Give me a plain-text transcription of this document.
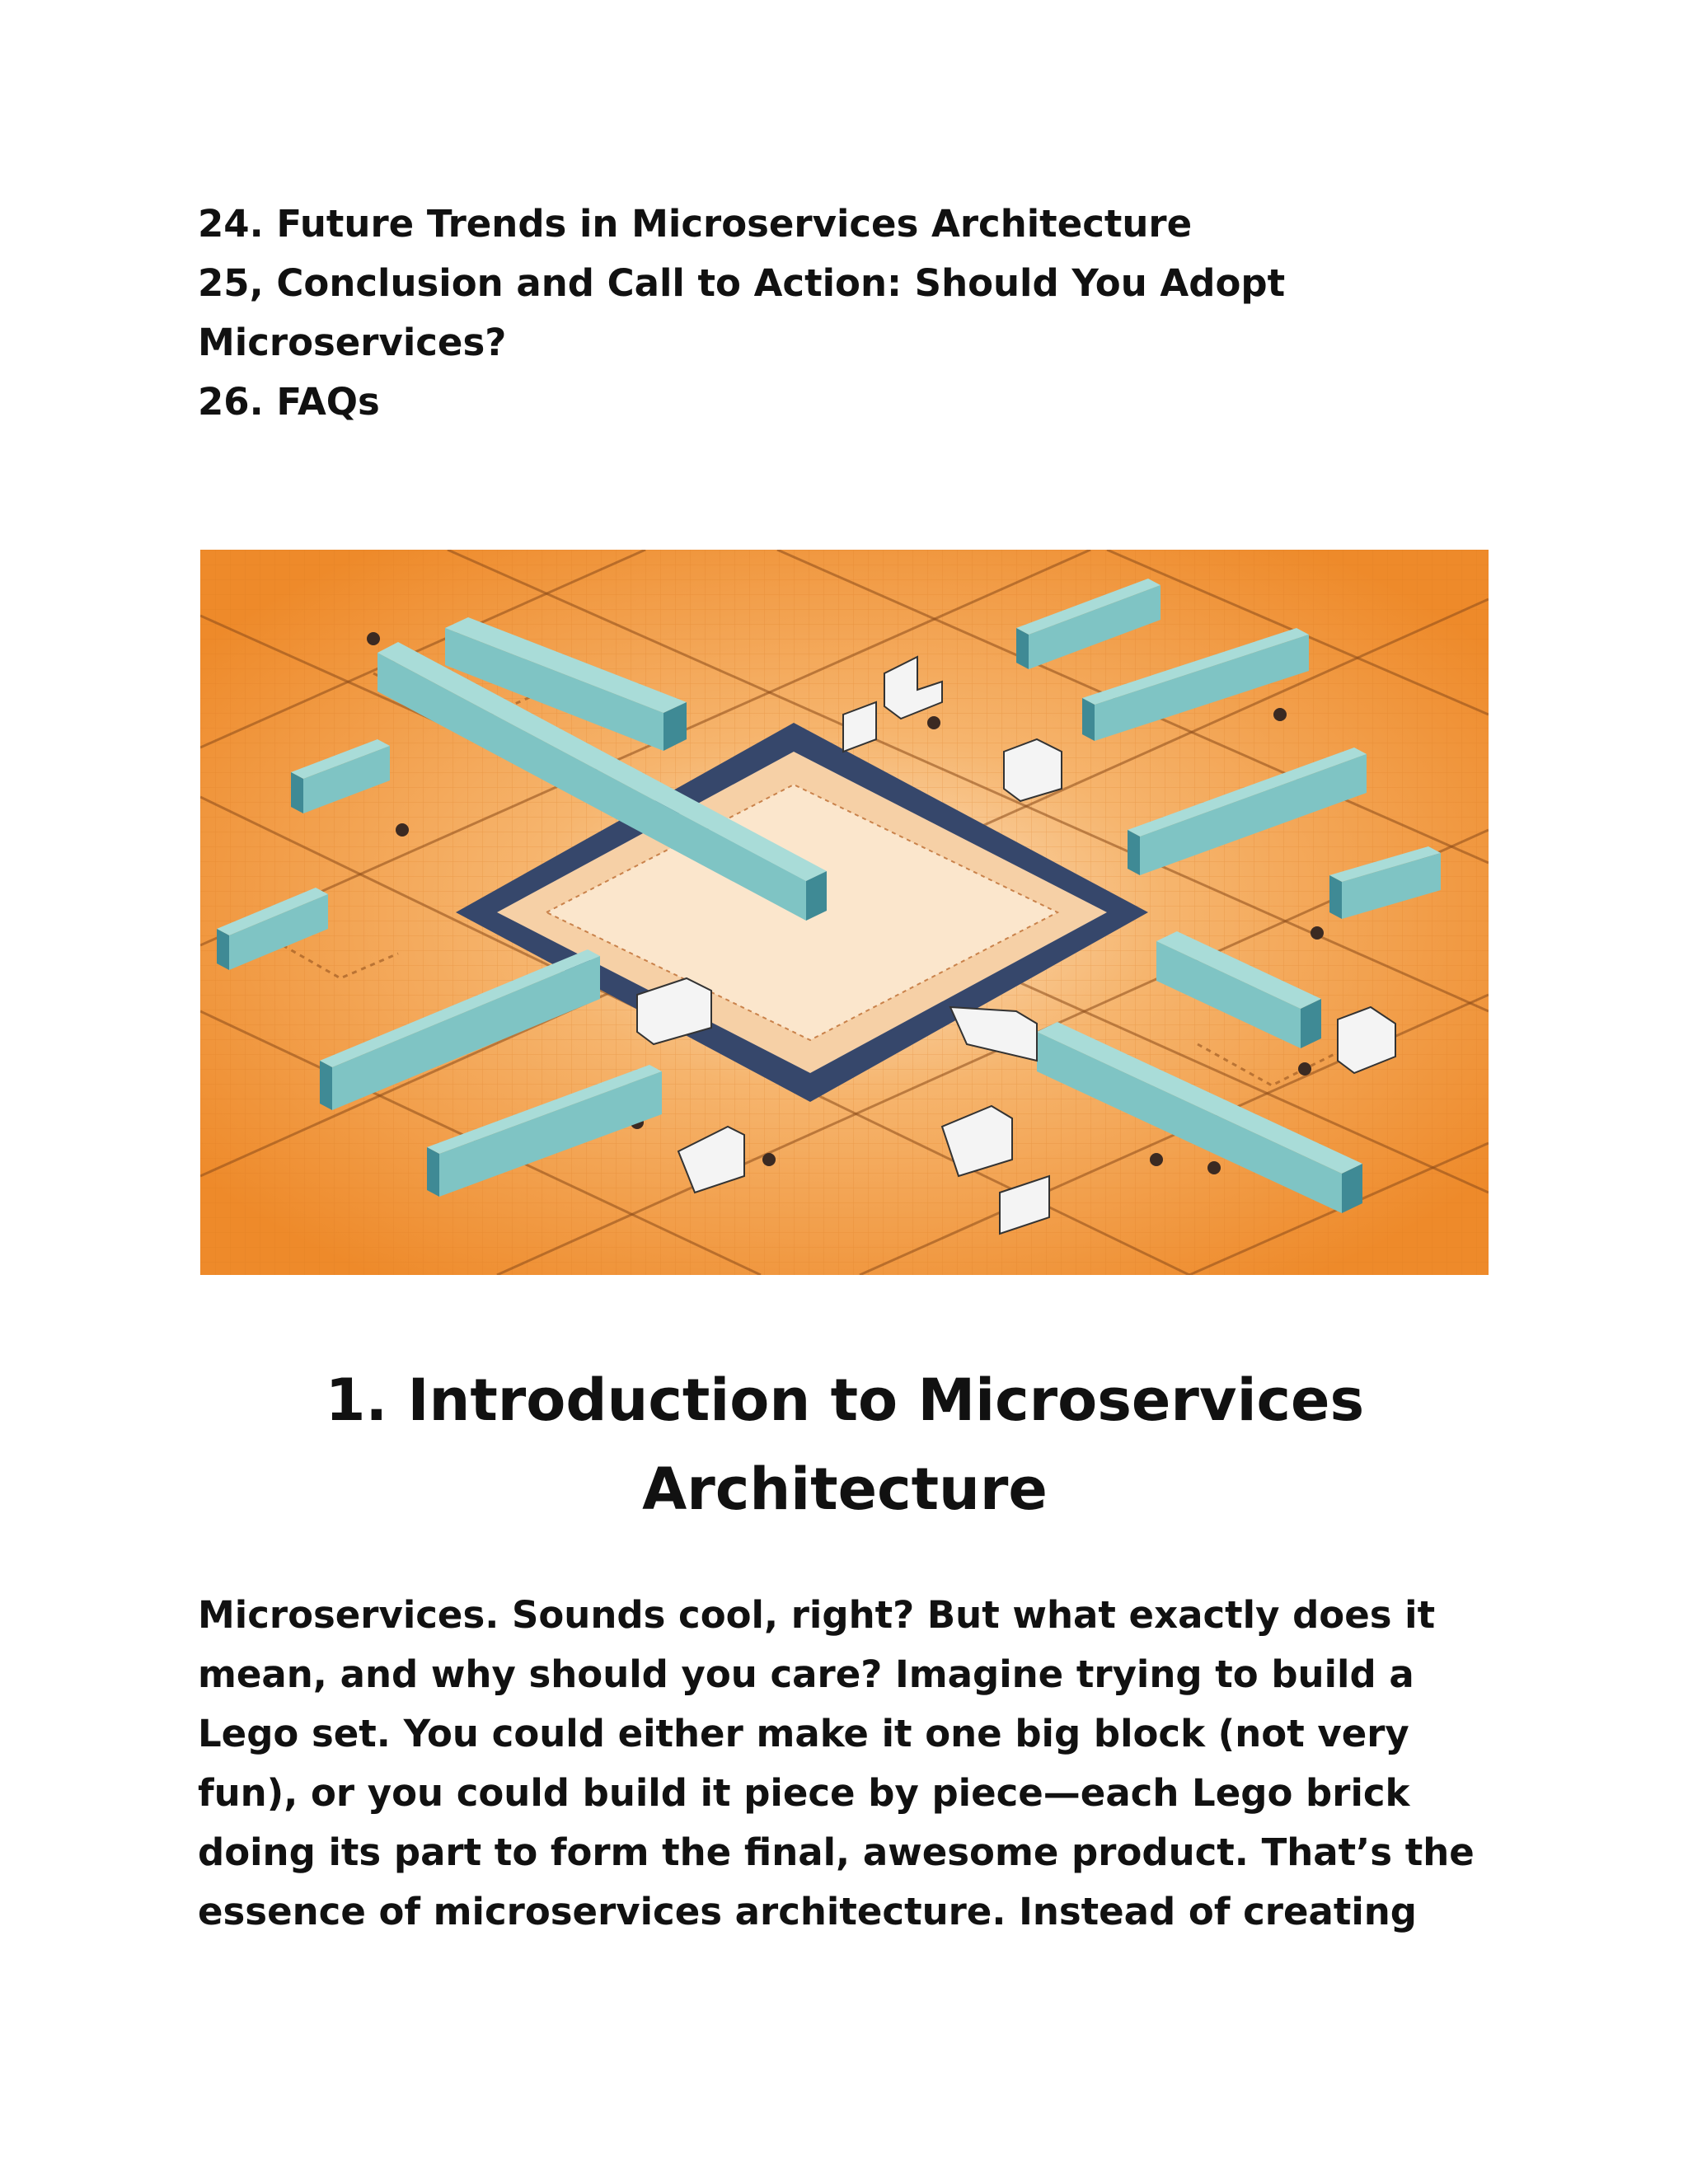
24. Future Trends in Microservices Architecture
25, Conclusion and Call to Action: Should You Adopt Microservices?
26. FAQs
1. Introduction to Microservices Architecture

Microservices. Sounds cool, right? But what exactly does it
mean, and why should you care? Imagine trying to build a
Lego set. You could either make it one big block (not very
fun), or you could build it piece by piece—each Lego brick
doing its part to form the final, awesome product. That’s the
essence of microservices architecture. Instead of creating
